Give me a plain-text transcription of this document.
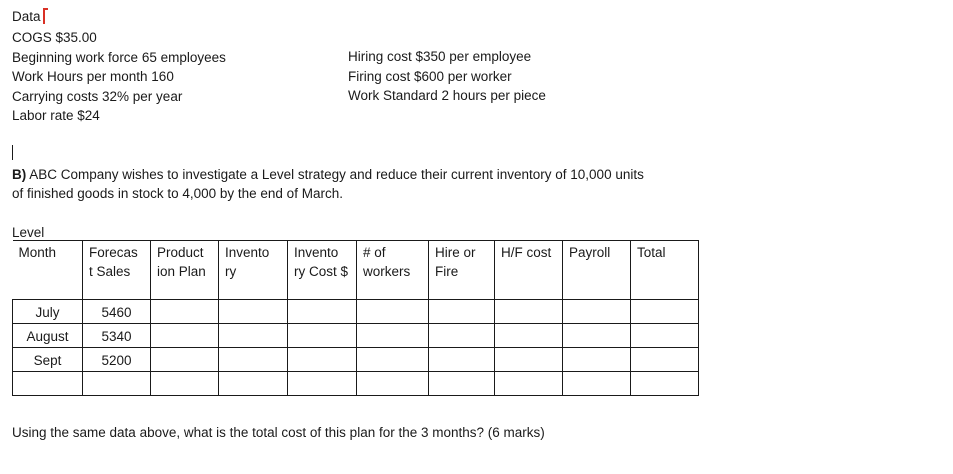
Data
COGS $35.00
Beginning work force 65 employees
Work Hours per month 160
Carrying costs 32% per year
Labor rate $24
Hiring cost $350 per employee
Firing cost $600 per worker
Work Standard 2 hours per piece
B) ABC Company wishes to investigate a Level strategy and reduce their current inventory of 10,000 units of finished goods in stock to 4,000 by the end of March.
Level
Month	Forecas t Sales	Product ion Plan	Invento ry	Invento ry Cost $	# of workers	Hire or Fire	H/F cost	Payroll	Total
July	5460								
August	5340								
Sept	5200								

Using the same data above, what is the total cost of this plan for the 3 months? (6 marks)
